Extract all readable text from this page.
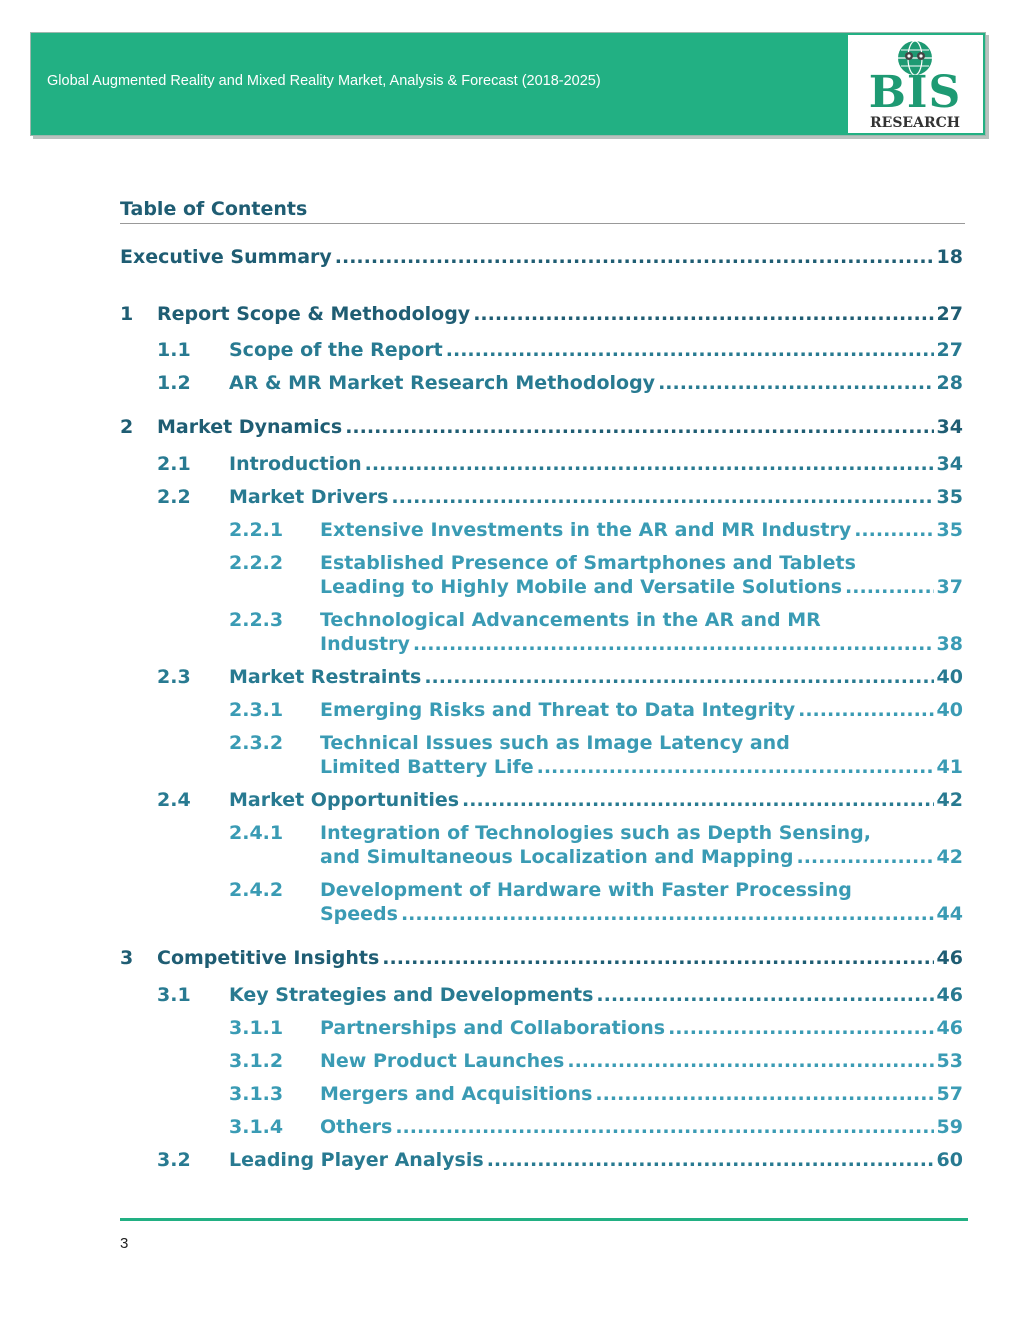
Global Augmented Reality and Mixed Reality Market, Analysis & Forecast (2018-2025)	BIS
RESEARCH
Table of Contents
Executive Summary .....	18
1 Report Scope & Methodology .....	27
1.1 Scope of the Report .....	27
1.2 AR & MR Market Research Methodology .....	28
2 Market Dynamics .....	34
2.1 Introduction .....	34
2.2 Market Drivers .....	35
2.2.1 Extensive Investments in the AR and MR Industry .....	35
2.2.2 Established Presence of Smartphones and Tablets
Leading to Highly Mobile and Versatile Solutions .....	37
2.2.3 Technological Advancements in the AR and MR
Industry .....	38
2.3 Market Restraints .....	40
2.3.1 Emerging Risks and Threat to Data Integrity .....	40
2.3.2 Technical Issues such as Image Latency and
Limited Battery Life .....	41
2.4 Market Opportunities .....	42
2.4.1 Integration of Technologies such as Depth Sensing,
and Simultaneous Localization and Mapping .....	42
2.4.2 Development of Hardware with Faster Processing
Speeds .....	44
3 Competitive Insights .....	46
3.1 Key Strategies and Developments .....	46
3.1.1 Partnerships and Collaborations .....	46
3.1.2 New Product Launches .....	53
3.1.3 Mergers and Acquisitions .....	57
3.1.4 Others .....	59
3.2 Leading Player Analysis .....	60
3
